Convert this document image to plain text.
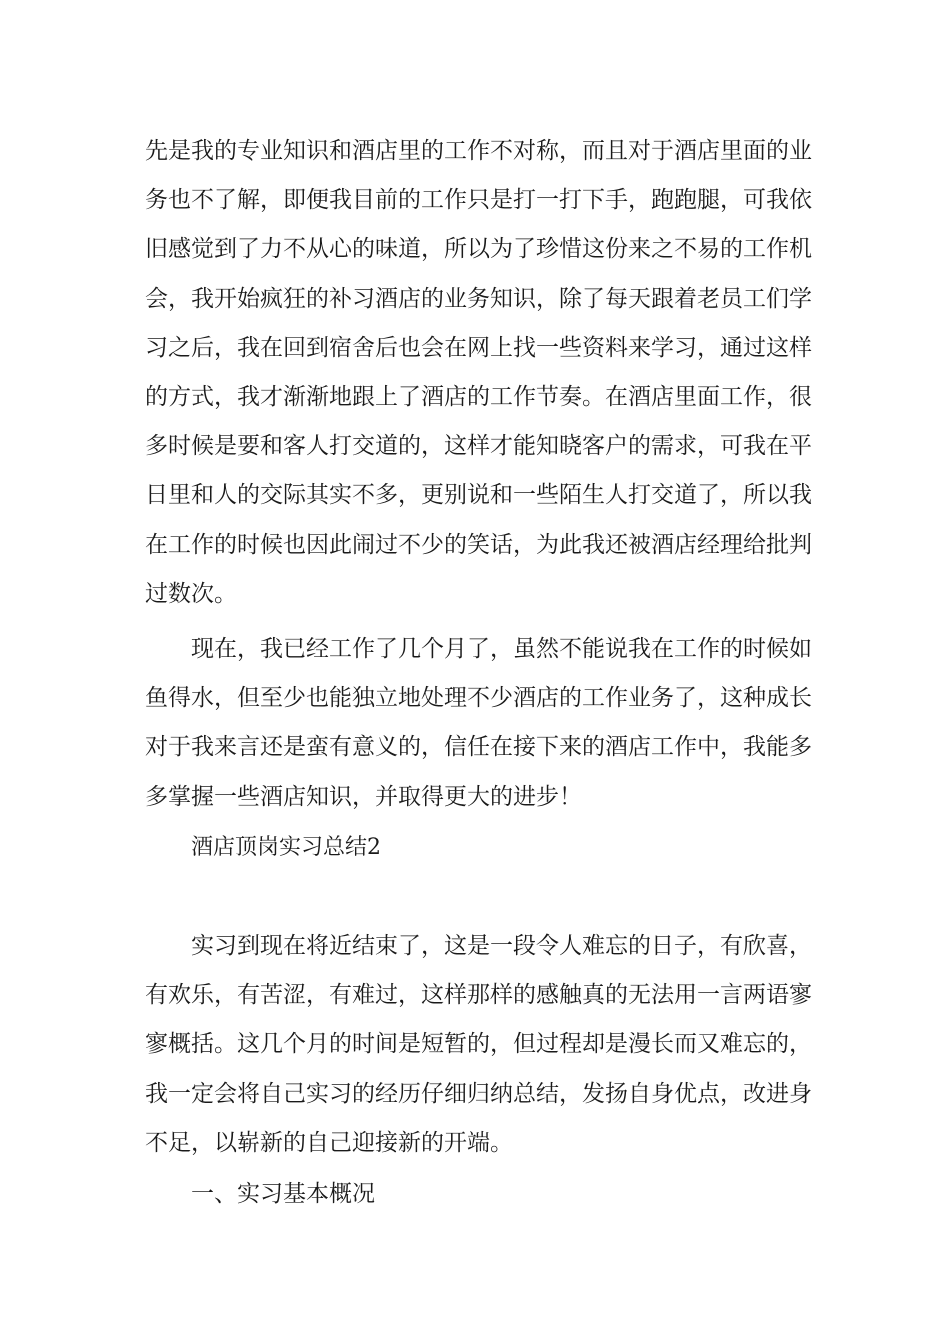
先是我的专业知识和酒店里的工作不对称，而且对于酒店里面的业
务也不了解，即便我目前的工作只是打一打下手，跑跑腿，可我依
旧感觉到了力不从心的味道，所以为了珍惜这份来之不易的工作机
会，我开始疯狂的补习酒店的业务知识，除了每天跟着老员工们学
习之后，我在回到宿舍后也会在网上找一些资料来学习，通过这样
的方式，我才渐渐地跟上了酒店的工作节奏。在酒店里面工作，很
多时候是要和客人打交道的，这样才能知晓客户的需求，可我在平
日里和人的交际其实不多，更别说和一些陌生人打交道了，所以我
在工作的时候也因此闹过不少的笑话，为此我还被酒店经理给批判
过数次。
现在，我已经工作了几个月了，虽然不能说我在工作的时候如
鱼得水，但至少也能独立地处理不少酒店的工作业务了，这种成长
对于我来言还是蛮有意义的，信任在接下来的酒店工作中，我能多
多掌握一些酒店知识，并取得更大的进步！
酒店顶岗实习总结2
实习到现在将近结束了，这是一段令人难忘的日子，有欣喜，
有欢乐，有苦涩，有难过，这样那样的感触真的无法用一言两语寥
寥概括。这几个月的时间是短暂的，但过程却是漫长而又难忘的，
我一定会将自己实习的经历仔细归纳总结，发扬自身优点，改进身
不足，以崭新的自己迎接新的开端。
一、实习基本概况
